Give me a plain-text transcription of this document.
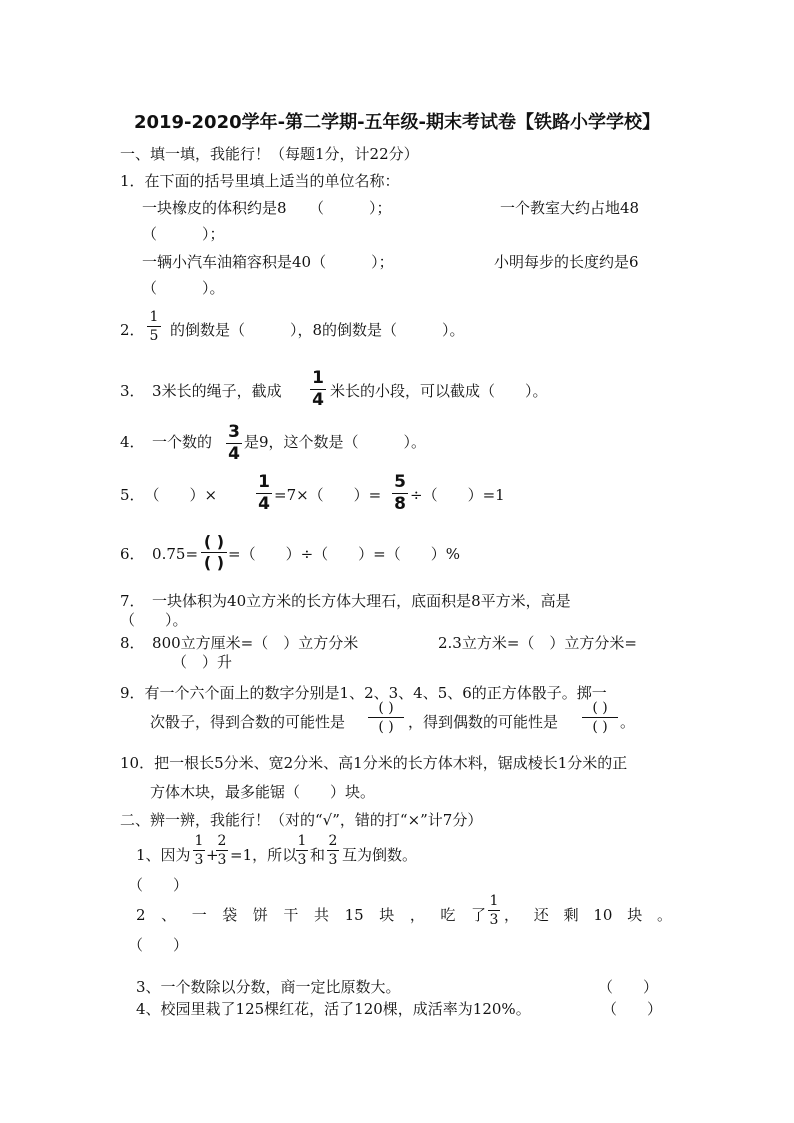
2019-2020学年-第二学期-五年级-期末考试卷【铁路小学学校】
一、填一填，我能行！（每题1分，计22分）
1．在下面的括号里填上适当的单位名称：
一块橡皮的体积约是8　　（　　　）；	一个教室大约占地48
（　　　）；
一辆小汽车油箱容积是40（　　　）；	小明每步的长度约是6
（　　　）。
2．
1
5 的倒数是（　　　），8的倒数是（　　　）。
3．　3米长的绳子，截成
1
4 米长的小段，可以截成（　　）。
4．　一个数的 3
4
是9，这个数是（　　　）。
5．　（　　）×
1
4 =7×（　　）=
5
8 ÷（　　）=1
6．　0.75=
( )
( ) =（　　）÷（　　）=（　　）%
7．　一块体积为40立方米的长方体大理石，底面积是8平方米，高是
（　　）。
8．　800立方厘米=（　）立方分米	2.3立方米=（　）立方分米=
（　）升
9．有一个六个面上的数字分别是1、2、3、4、5、6的正方体骰子。掷一
次骰子，得到合数的可能性是
( )
( ) ，得到偶数的可能性是
( )
( ) 。
10．把一根长5分米、宽2分米、高1分米的长方体木料，锯成棱长1分米的正
方体木块，最多能锯（　　）块。
二、辨一辨，我能行！（对的“√”，错的打“×”计7分）
1、因为
1
3 +
2
3 =1，所以
1
3 和
2
3 互为倒数。
（　　）
2 、 一 袋 饼 干 共 15 块 ， 吃 了
1
3 ， 还 剩 10 块 。
（　　）
3、一个数除以分数，商一定比原数大。	（　　）
4、校园里栽了125棵红花，活了120棵，成活率为120%。	（　　）
